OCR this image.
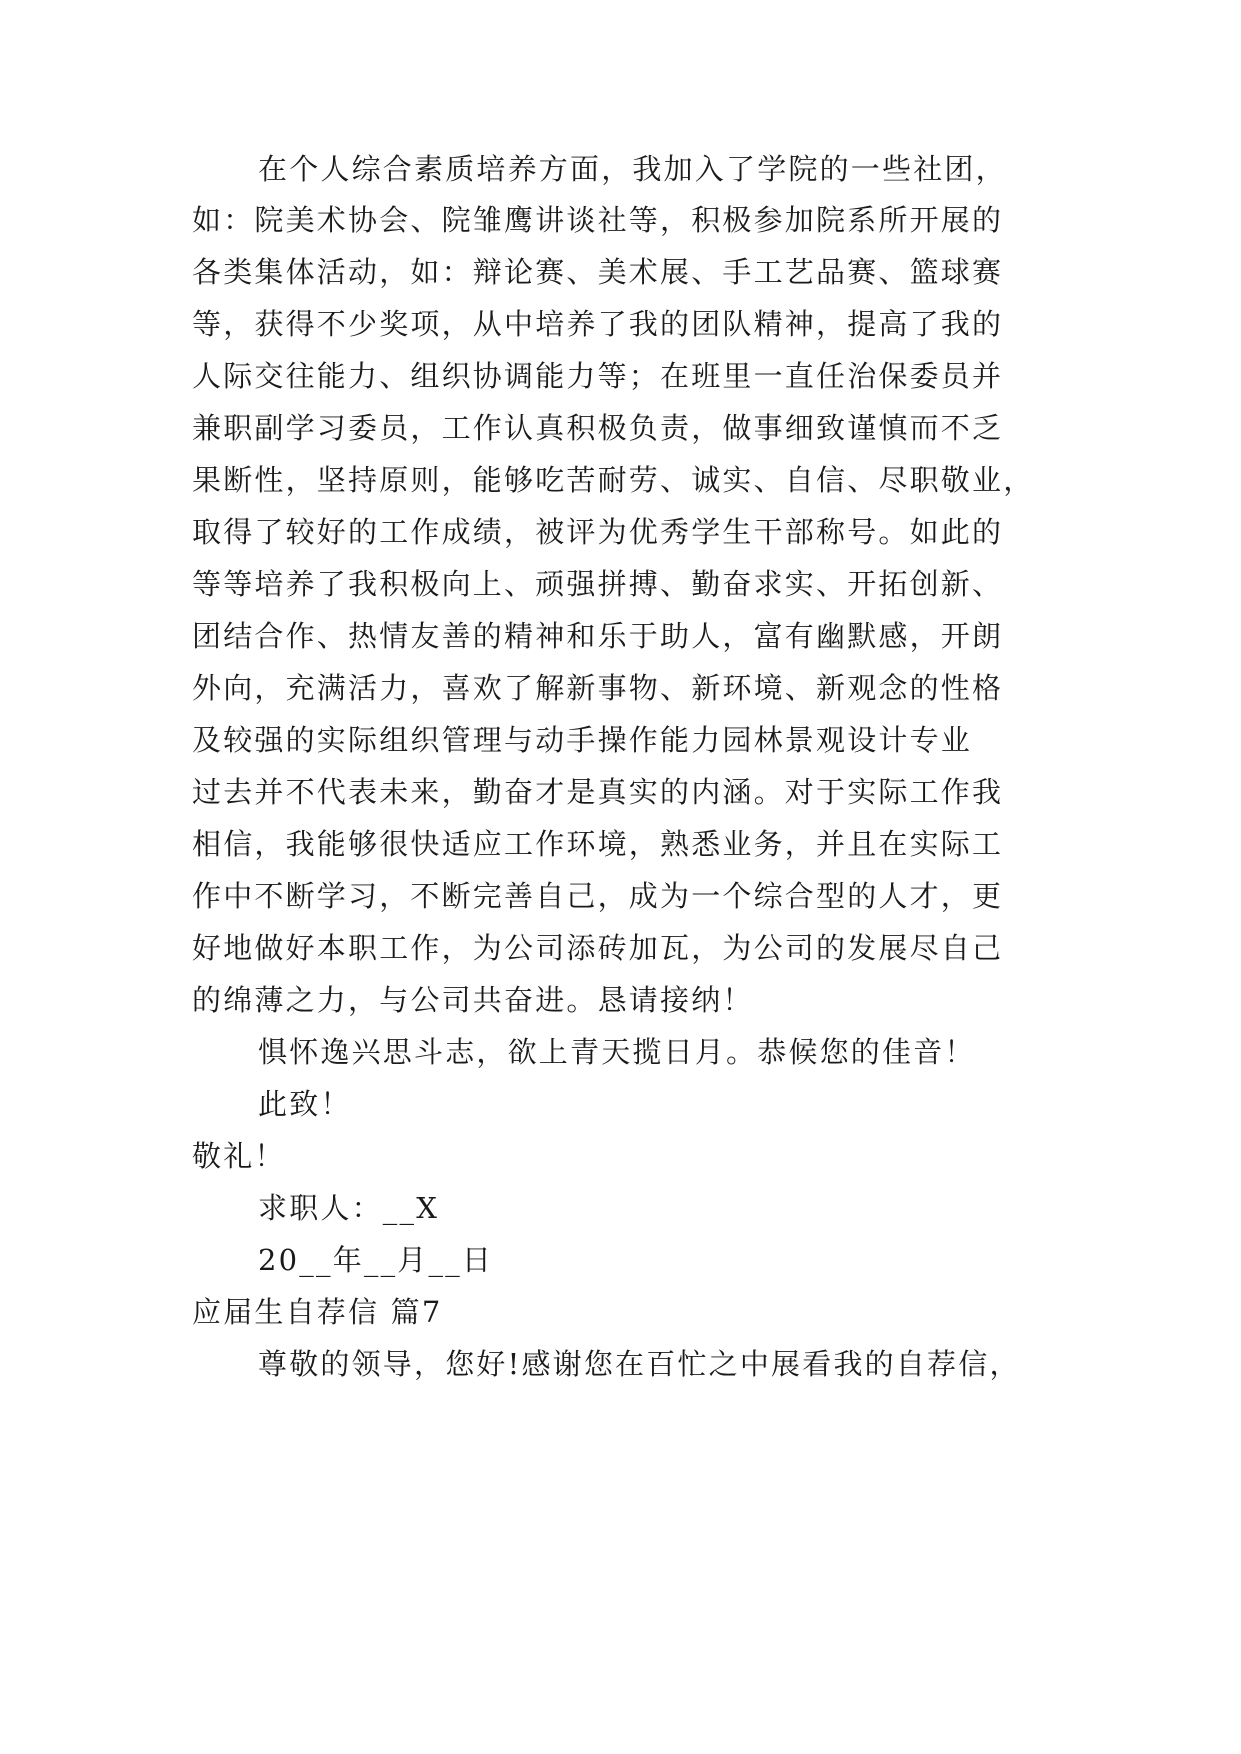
在个人综合素质培养方面，我加入了学院的一些社团，
如：院美术协会、院雏鹰讲谈社等，积极参加院系所开展的
各类集体活动，如：辩论赛、美术展、手工艺品赛、篮球赛
等，获得不少奖项，从中培养了我的团队精神，提高了我的
人际交往能力、组织协调能力等；在班里一直任治保委员并
兼职副学习委员，工作认真积极负责，做事细致谨慎而不乏
果断性，坚持原则，能够吃苦耐劳、诚实、自信、尽职敬业，
取得了较好的工作成绩，被评为优秀学生干部称号。如此的
等等培养了我积极向上、顽强拼搏、勤奋求实、开拓创新、
团结合作、热情友善的精神和乐于助人，富有幽默感，开朗
外向，充满活力，喜欢了解新事物、新环境、新观念的性格
及较强的实际组织管理与动手操作能力园林景观设计专业
过去并不代表未来，勤奋才是真实的内涵。对于实际工作我
相信，我能够很快适应工作环境，熟悉业务，并且在实际工
作中不断学习，不断完善自己，成为一个综合型的人才，更
好地做好本职工作，为公司添砖加瓦，为公司的发展尽自己
的绵薄之力，与公司共奋进。恳请接纳！
惧怀逸兴思斗志，欲上青天揽日月。恭候您的佳音！
此致！
敬礼！
求职人：__X
20__年__月__日
应届生自荐信 篇7
尊敬的领导，您好!感谢您在百忙之中展看我的自荐信，
